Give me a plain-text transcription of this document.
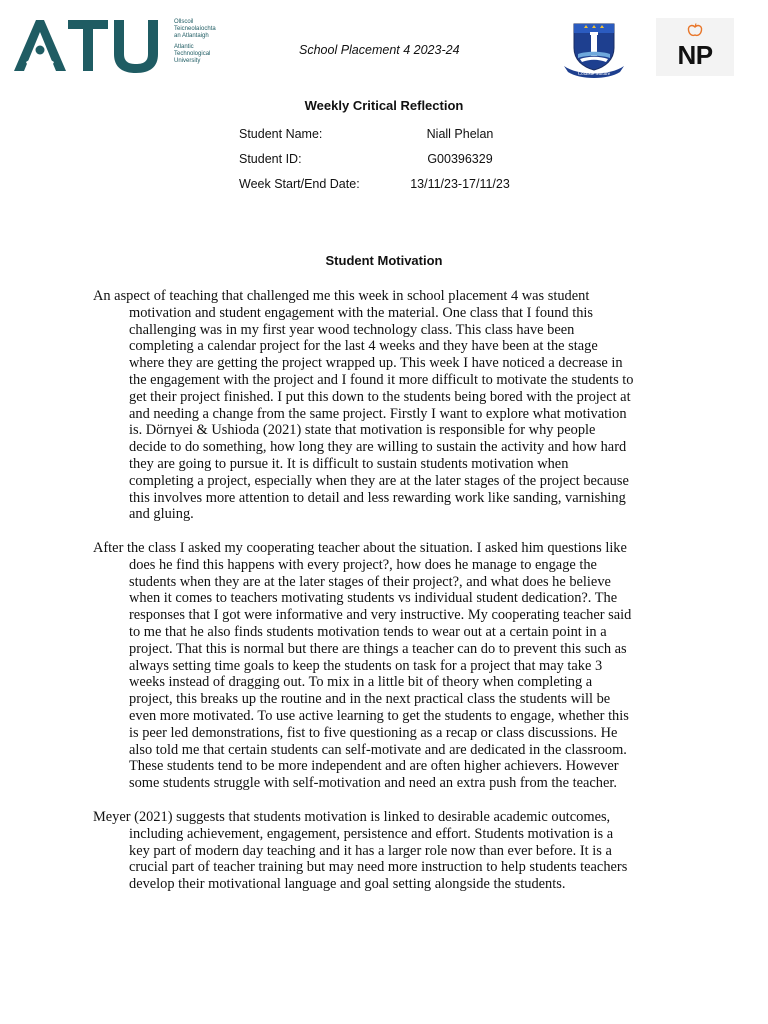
Ollscoil
Teicneolaíochta
an Atlantaigh
Atlantic
Technological
University
School Placement 4 2023-24
Coláiste Mhuire
NP
Weekly Critical Reflection
Student Name:	Niall Phelan
Student ID:	G00396329
Week Start/End Date:	13/11/23-17/11/23
Student Motivation
An aspect of teaching that challenged me this week in school placement 4 was student
motivation and student engagement with the material. One class that I found this
challenging was in my first year wood technology class. This class have been
completing a calendar project for the last 4 weeks and they have been at the stage
where they are getting the project wrapped up. This week I have noticed a decrease in
the engagement with the project and I found it more difficult to motivate the students to
get their project finished. I put this down to the students being bored with the project at
and needing a change from the same project. Firstly I want to explore what motivation
is. Dörnyei & Ushioda (2021) state that motivation is responsible for why people
decide to do something, how long they are willing to sustain the activity and how hard
they are going to pursue it. It is difficult to sustain students motivation when
completing a project, especially when they are at the later stages of the project because
this involves more attention to detail and less rewarding work like sanding, varnishing
and gluing.
After the class I asked my cooperating teacher about the situation. I asked him questions like
does he find this happens with every project?, how does he manage to engage the
students when they are at the later stages of their project?, and what does he believe
when it comes to teachers motivating students vs individual student dedication?. The
responses that I got were informative and very instructive. My cooperating teacher said
to me that he also finds students motivation tends to wear out at a certain point in a
project. That this is normal but there are things a teacher can do to prevent this such as
always setting time goals to keep the students on task for a project that may take 3
weeks instead of dragging out. To mix in a little bit of theory when completing a
project, this breaks up the routine and in the next practical class the students will be
even more motivated. To use active learning to get the students to engage, whether this
is peer led demonstrations, fist to five questioning as a recap or class discussions. He
also told me that certain students can self-motivate and are dedicated in the classroom.
These students tend to be more independent and are often higher achievers. However
some students struggle with self-motivation and need an extra push from the teacher.
Meyer (2021) suggests that students motivation is linked to desirable academic outcomes,
including achievement, engagement, persistence and effort. Students motivation is a
key part of modern day teaching and it has a larger role now than ever before. It is a
crucial part of teacher training but may need more instruction to help students teachers
develop their motivational language and goal setting alongside the students.
